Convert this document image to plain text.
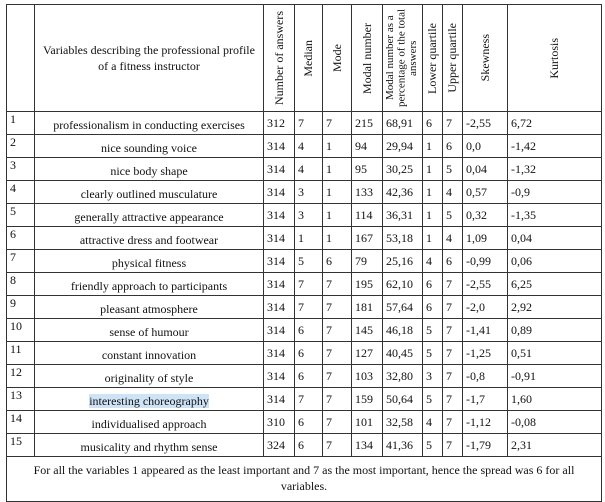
	Variables describing the professional profile of a fitness instructor	Number of answers	Median	Mode	Modal number	Modal number as a percentage of the total answers	Lower quartile	Upper quartile	Skewness	Kurtosis

1	professionalism in conducting exercises	312	7	7	215	68,91	6	7	-2,55	6,72
2	nice sounding voice	314	4	1	94	29,94	1	6	0,0	-1,42
3	nice body shape	314	4	1	95	30,25	1	5	0,04	-1,32
4	clearly outlined musculature	314	3	1	133	42,36	1	4	0,57	-0,9
5	generally attractive appearance	314	3	1	114	36,31	1	5	0,32	-1,35
6	attractive dress and footwear	314	1	1	167	53,18	1	4	1,09	0,04
7	physical fitness	314	5	6	79	25,16	4	6	-0,99	0,06
8	friendly approach to participants	314	7	7	195	62,10	6	7	-2,55	6,25
9	pleasant atmosphere	314	7	7	181	57,64	6	7	-2,0	2,92
10	sense of humour	314	6	7	145	46,18	5	7	-1,41	0,89
11	constant innovation	314	6	7	127	40,45	5	7	-1,25	0,51
12	originality of style	314	6	7	103	32,80	3	7	-0,8	-0,91
13	interesting choreography	314	7	7	159	50,64	5	7	-1,7	1,60
14	individualised approach	310	6	7	101	32,58	4	7	-1,12	-0,08
15	musicality and rhythm sense	324	6	7	134	41,36	5	7	-1,79	2,31
For all the variables 1 appeared as the least important and 7 as the most important, hence the spread was 6 for all variables.										
